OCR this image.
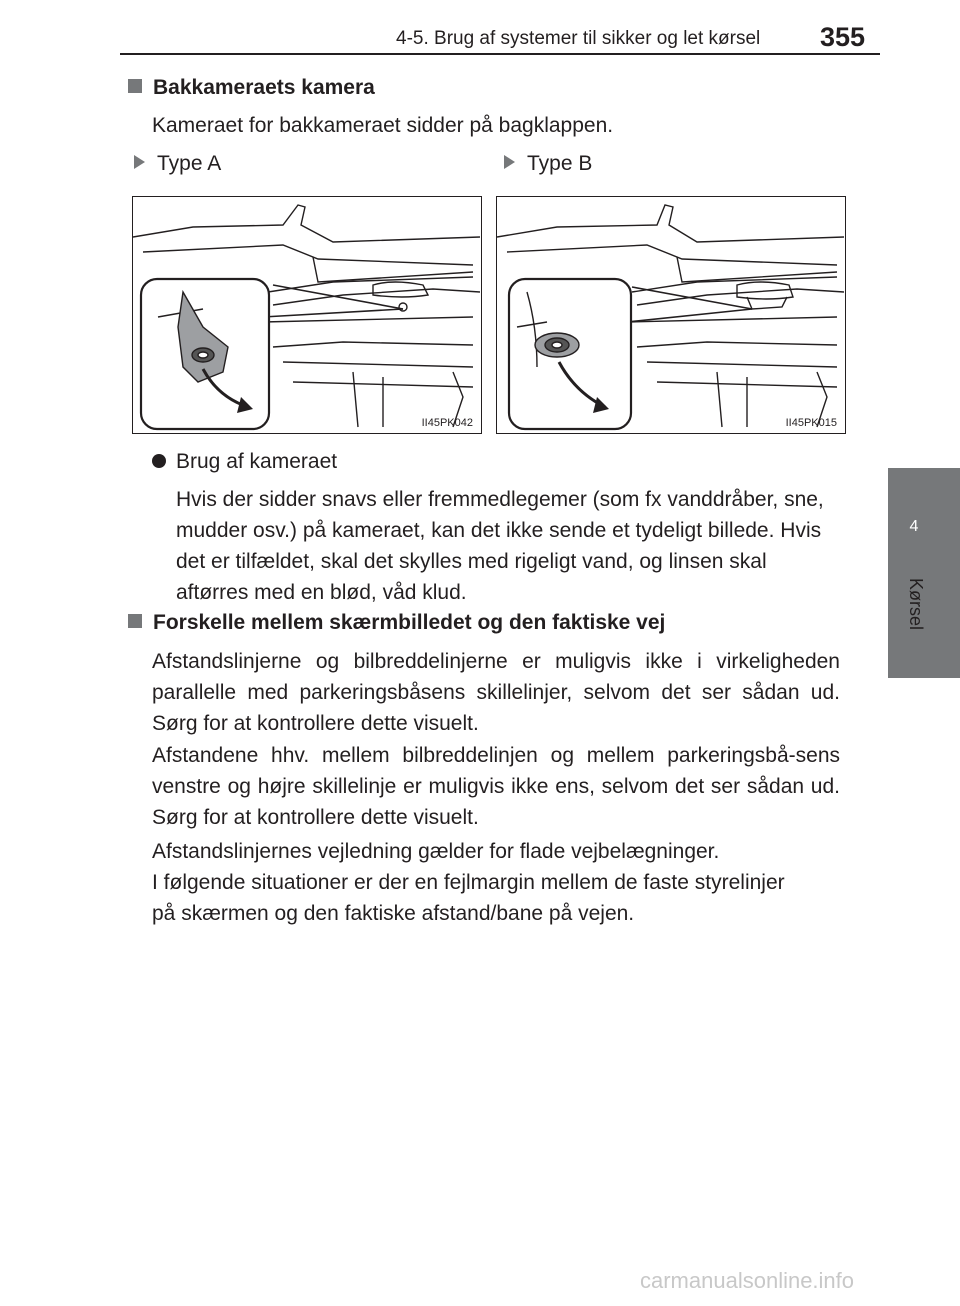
4-5. Brug af systemer til sikker og let kørsel 355
4
Kørsel
Bakkameraets kamera
Kameraet for bakkameraet sidder på bagklappen.
Type A	Type B
II45PK042	II45PK015
Brug af kameraet
Hvis der sidder snavs eller fremmedlegemer (som fx vanddråber, sne, mudder osv.) på kameraet, kan det ikke sende et tydeligt billede. Hvis det er tilfældet, skal det skylles med rigeligt vand, og linsen skal aftørres med en blød, våd klud.
Forskelle mellem skærmbilledet og den faktiske vej
Afstandslinjerne og bilbreddelinjerne er muligvis ikke i virkeligheden parallelle med parkeringsbåsens skillelinjer, selvom det ser sådan ud. Sørg for at kontrollere dette visuelt.
Afstandene hhv. mellem bilbreddelinjen og mellem parkeringsbå-sens venstre og højre skillelinje er muligvis ikke ens, selvom det ser sådan ud. Sørg for at kontrollere dette visuelt.
Afstandslinjernes vejledning gælder for flade vejbelægninger.
I følgende situationer er der en fejlmargin mellem de faste styrelinjer på skærmen og den faktiske afstand/bane på vejen.
carmanualsonline.info
